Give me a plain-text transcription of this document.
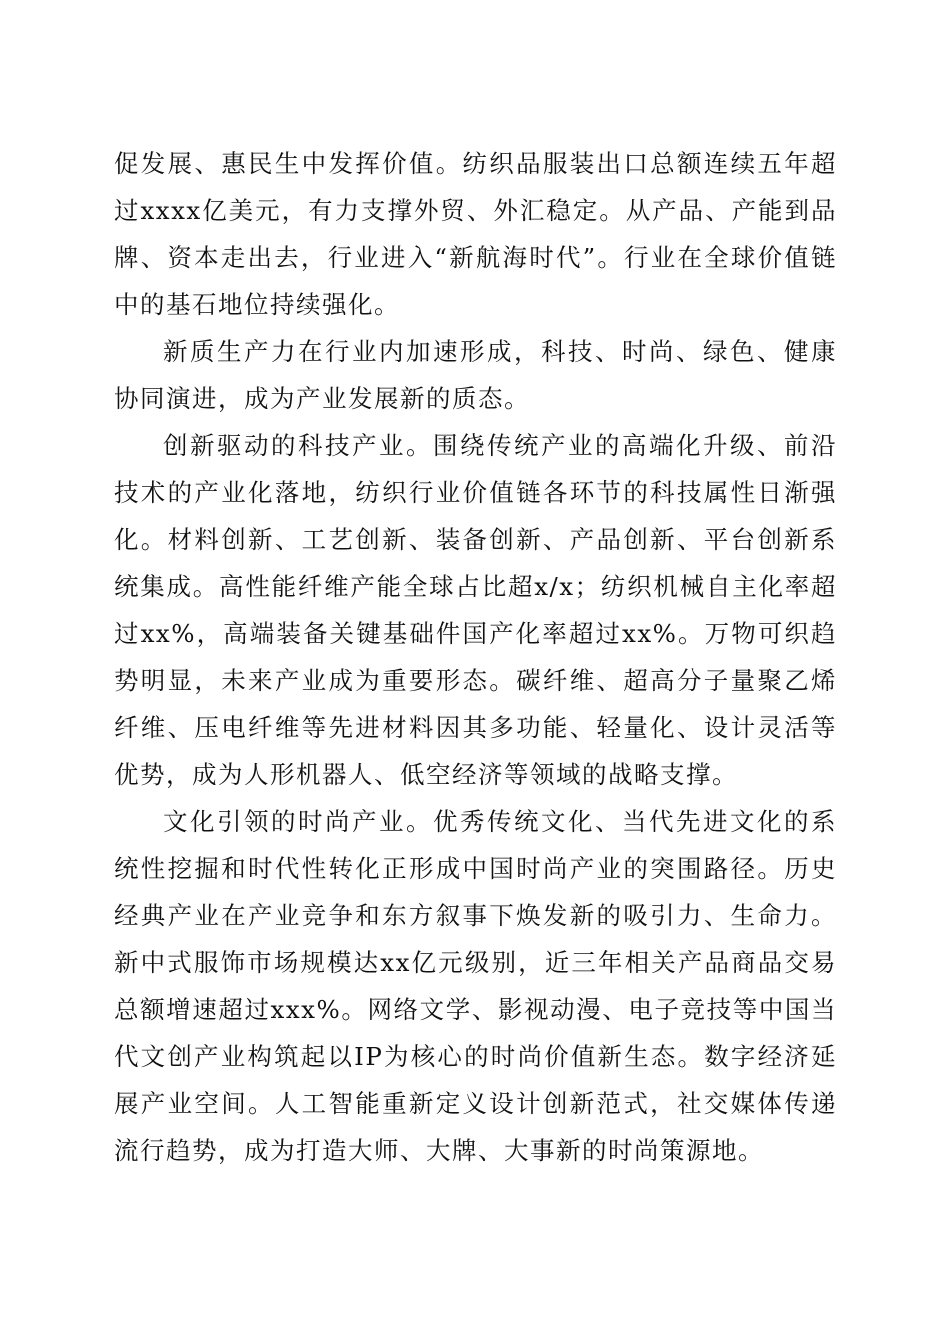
促发展、惠民生中发挥价值。纺织品服装出口总额连续五年超过xxxx亿美元，有力支撑外贸、外汇稳定。从产品、产能到品牌、资本走出去，行业进入“新航海时代”。行业在全球价值链中的基石地位持续强化。

新质生产力在行业内加速形成，科技、时尚、绿色、健康协同演进，成为产业发展新的质态。

创新驱动的科技产业。围绕传统产业的高端化升级、前沿技术的产业化落地，纺织行业价值链各环节的科技属性日渐强化。材料创新、工艺创新、装备创新、产品创新、平台创新系统集成。高性能纤维产能全球占比超x/x；纺织机械自主化率超过xx%，高端装备关键基础件国产化率超过xx%。万物可织趋势明显，未来产业成为重要形态。碳纤维、超高分子量聚乙烯纤维、压电纤维等先进材料因其多功能、轻量化、设计灵活等优势，成为人形机器人、低空经济等领域的战略支撑。

文化引领的时尚产业。优秀传统文化、当代先进文化的系统性挖掘和时代性转化正形成中国时尚产业的突围路径。历史经典产业在产业竞争和东方叙事下焕发新的吸引力、生命力。新中式服饰市场规模达xx亿元级别，近三年相关产品商品交易总额增速超过xxx%。网络文学、影视动漫、电子竞技等中国当代文创产业构筑起以IP为核心的时尚价值新生态。数字经济延展产业空间。人工智能重新定义设计创新范式，社交媒体传递流行趋势，成为打造大师、大牌、大事新的时尚策源地。
